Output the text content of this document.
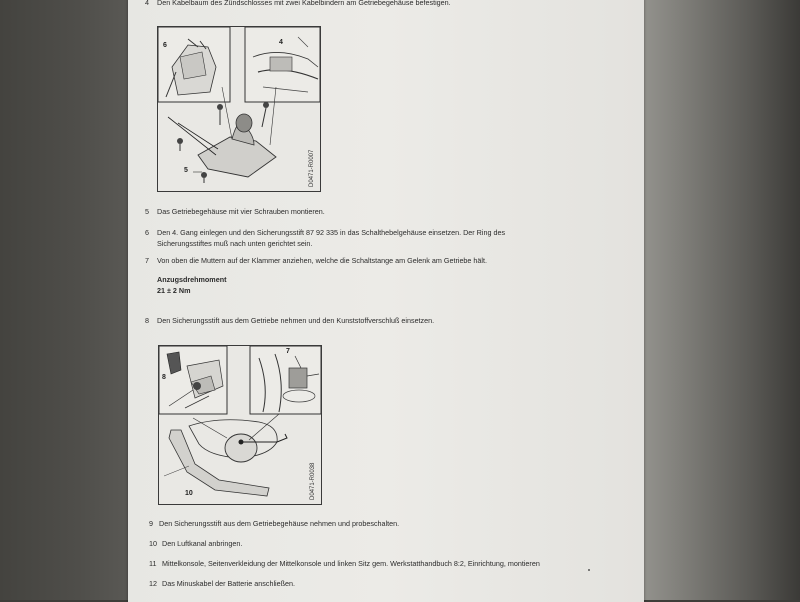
4 Den Kabelbaum des Zündschlosses mit zwei Kabelbindern am Getriebegehäuse befestigen.
6	4
5	D0471-R0007
5 Das Getriebegehäuse mit vier Schrauben montieren.
6 Den 4. Gang einlegen und den Sicherungsstift 87 92 335 in das Schalthebelgehäuse einsetzen. Der Ring des Sicherungsstiftes muß nach unten gerichtet sein.
7 Von oben die Muttern auf der Klammer anziehen, welche die Schaltstange am Gelenk am Getriebe hält.
Anzugsdrehmoment
21 ± 2 Nm
8 Den Sicherungsstift aus dem Getriebe nehmen und den Kunststoffverschluß einsetzen.
8
7
10	D0471-R0038
9 Den Sicherungsstift aus dem Getriebegehäuse nehmen und probeschalten.
10 Den Luftkanal anbringen.
11 Mittelkonsole, Seitenverkleidung der Mittelkonsole und linken Sitz gem. Werkstatthandbuch 8:2, Einrichtung, montieren
12 Das Minuskabel der Batterie anschließen.
